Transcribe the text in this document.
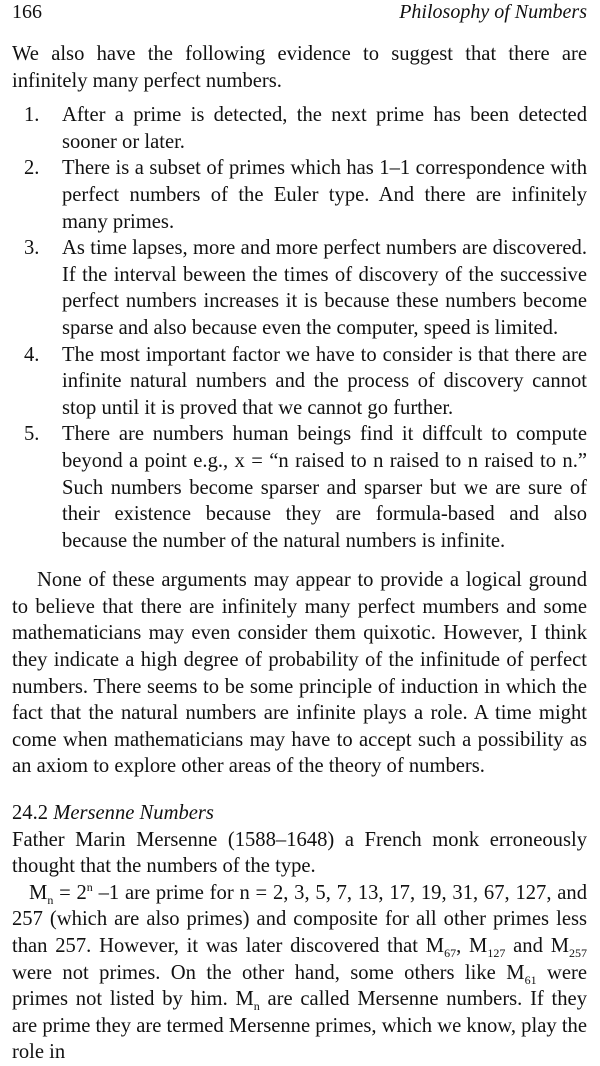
166	Philosophy of Numbers

We also have the following evidence to suggest that there are infinitely many perfect numbers.

1.	After a prime is detected, the next prime has been detected sooner or later.
2.	There is a subset of primes which has 1–1 correspondence with perfect numbers of the Euler type. And there are infinitely many primes.
3.	As time lapses, more and more perfect numbers are discovered. If the interval beween the times of discovery of the successive perfect numbers increases it is because these numbers become sparse and also because even the computer, speed is limited.
4.	The most important factor we have to consider is that there are infinite natural numbers and the process of discovery cannot stop until it is proved that we cannot go further.
5.	There are numbers human beings find it diffcult to compute beyond a point e.g., x = “n raised to n raised to n raised to n.” Such numbers become sparser and sparser but we are sure of their existence because they are formula-based and also because the number of the natural numbers is infinite.

None of these arguments may appear to provide a logical ground to believe that there are infinitely many perfect mumbers and some mathematicians may even consider them quixotic. However, I think they indicate a high degree of probability of the infinitude of perfect numbers. There seems to be some principle of induction in which the fact that the natural numbers are infinite plays a role. A time might come when mathematicians may have to accept such a possibility as an axiom to explore other areas of the theory of numbers.

24.2 Mersenne Numbers

Father Marin Mersenne (1588–1648) a French monk erroneously thought that the numbers of the type.

$M_n = 2^n$ –1 are prime for n = 2, 3, 5, 7, 13, 17, 19, 31, 67, 127, and 257 (which are also primes) and composite for all other primes less than 257. However, it was later discovered that $M_{67}$, $M_{127}$ and $M_{257}$ were not primes. On the other hand, some others like $M_{61}$ were primes not listed by him. $M_n$ are called Mersenne numbers. If they are prime they are termed Mersenne primes, which we know, play the role in
